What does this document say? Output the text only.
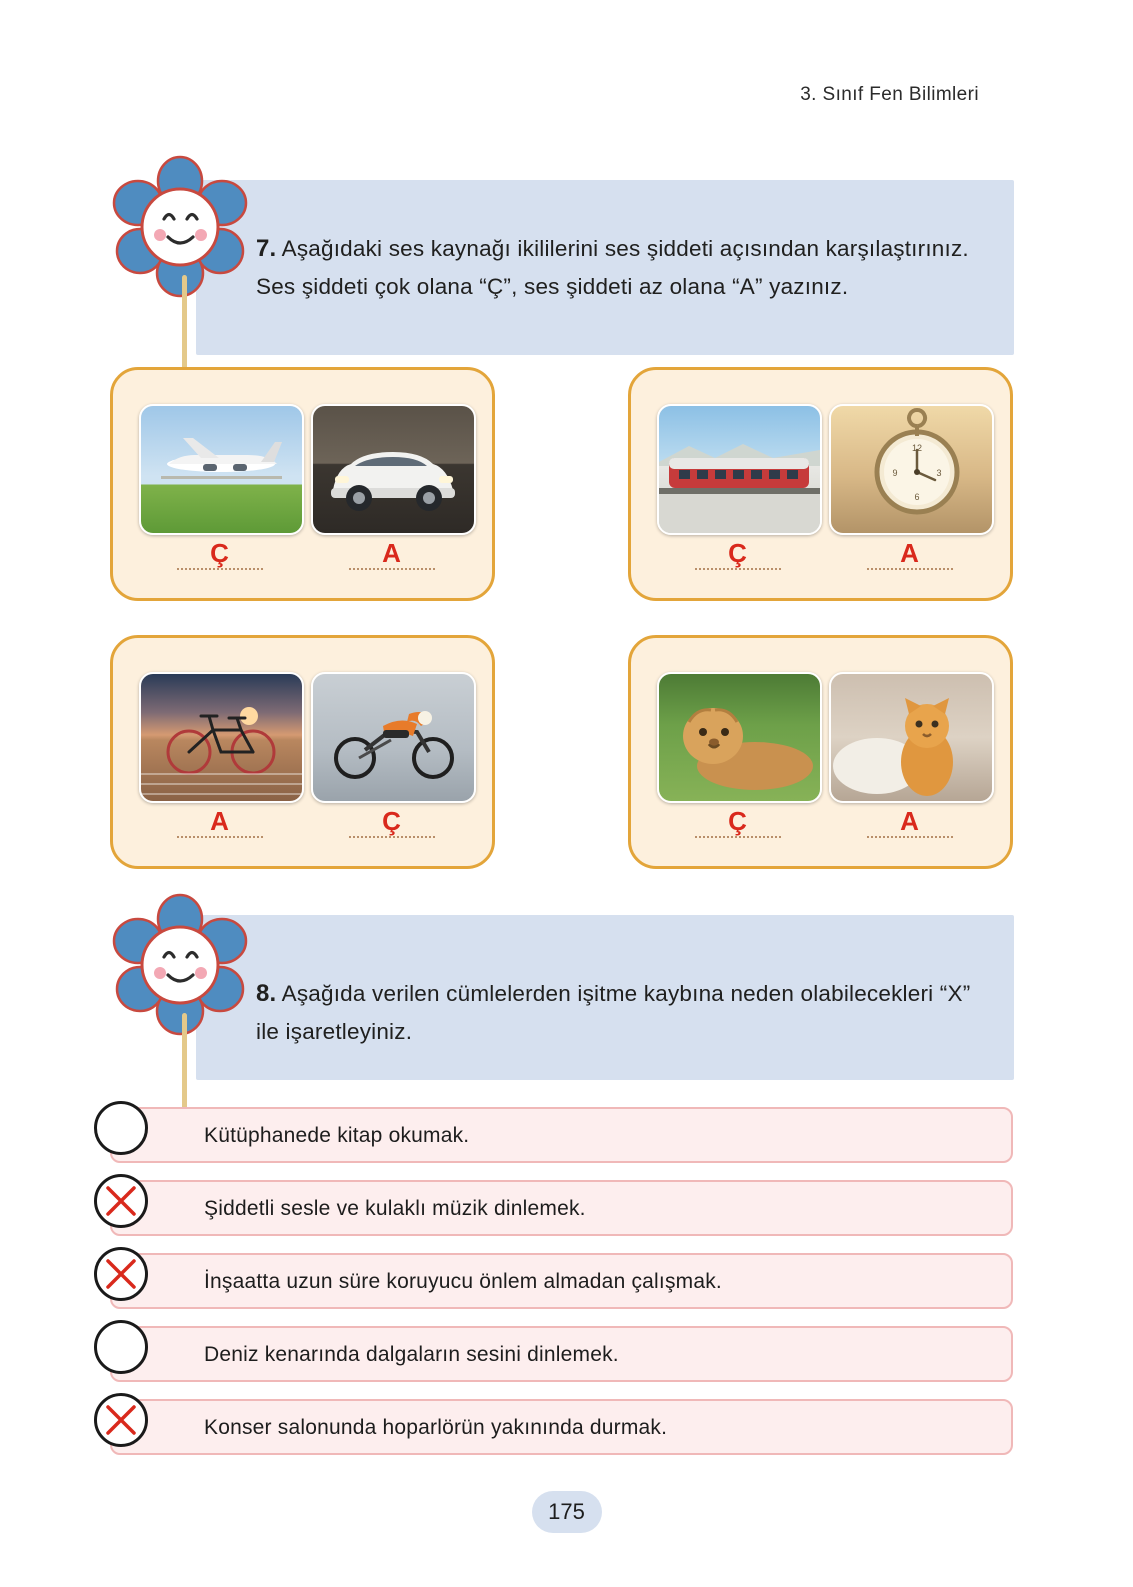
3. Sınıf Fen Bilimleri
7. Aşağıdaki ses kaynağı ikililerini ses şiddeti açısından karşılaştırınız. Ses şiddeti çok olana “Ç”, ses şiddeti az olana “A” yazınız.
Ç	A
12
3
6
9
Ç	A
A	Ç	Ç	A
8. Aşağıda verilen cümlelerden işitme kaybına neden olabilecekleri “X” ile işaretleyiniz.
Kütüphanede kitap okumak.
Şiddetli sesle ve kulaklı müzik dinlemek.
İnşaatta uzun süre koruyucu önlem almadan çalışmak.
Deniz kenarında dalgaların sesini dinlemek.
Konser salonunda hoparlörün yakınında durmak.
175
